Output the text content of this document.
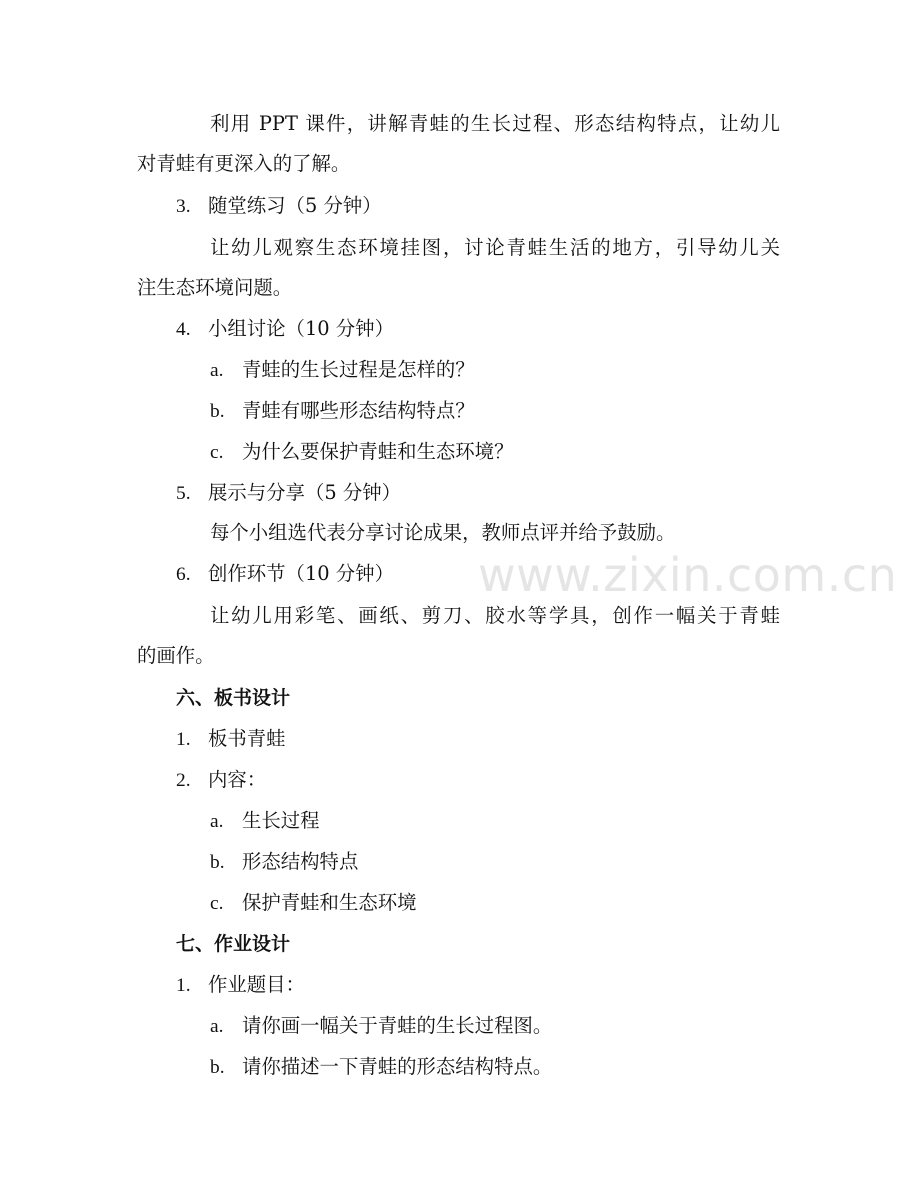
利用 PPT 课件，讲解青蛙的生长过程、形态结构特点，让幼儿
对青蛙有更深入的了解。
3. 随堂练习（5 分钟）
让幼儿观察生态环境挂图，讨论青蛙生活的地方，引导幼儿关
注生态环境问题。
4. 小组讨论（10 分钟）
a. 青蛙的生长过程是怎样的？
b. 青蛙有哪些形态结构特点？
c. 为什么要保护青蛙和生态环境？
5. 展示与分享（5 分钟）
每个小组选代表分享讨论成果，教师点评并给予鼓励。
6. 创作环节（10 分钟）
让幼儿用彩笔、画纸、剪刀、胶水等学具，创作一幅关于青蛙
的画作。
六、板书设计
1. 板书青蛙
2. 内容：
a. 生长过程
b. 形态结构特点
c. 保护青蛙和生态环境
七、作业设计
1. 作业题目：
a. 请你画一幅关于青蛙的生长过程图。
b. 请你描述一下青蛙的形态结构特点。
www.zixin.com.cn
